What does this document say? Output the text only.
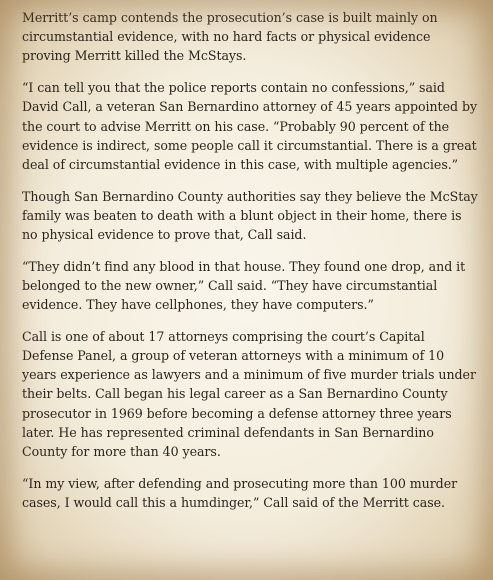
Merritt’s camp contends the prosecution’s case is built mainly on circumstantial evidence, with no hard facts or physical evidence proving Merritt killed the McStays.

“I can tell you that the police reports contain no confessions,” said David Call, a veteran San Bernardino attorney of 45 years appointed by the court to advise Merritt on his case. “Probably 90 percent of the evidence is indirect, some people call it circumstantial. There is a great deal of circumstantial evidence in this case, with multiple agencies.”

Though San Bernardino County authorities say they believe the McStay family was beaten to death with a blunt object in their home, there is no physical evidence to prove that, Call said.

“They didn’t find any blood in that house. They found one drop, and it belonged to the new owner,” Call said. “They have circumstantial evidence. They have cellphones, they have computers.”

Call is one of about 17 attorneys comprising the court’s Capital Defense Panel, a group of veteran attorneys with a minimum of 10 years experience as lawyers and a minimum of five murder trials under their belts. Call began his legal career as a San Bernardino County prosecutor in 1969 before becoming a defense attorney three years later. He has represented criminal defendants in San Bernardino County for more than 40 years.

“In my view, after defending and prosecuting more than 100 murder cases, I would call this a humdinger,” Call said of the Merritt case.
